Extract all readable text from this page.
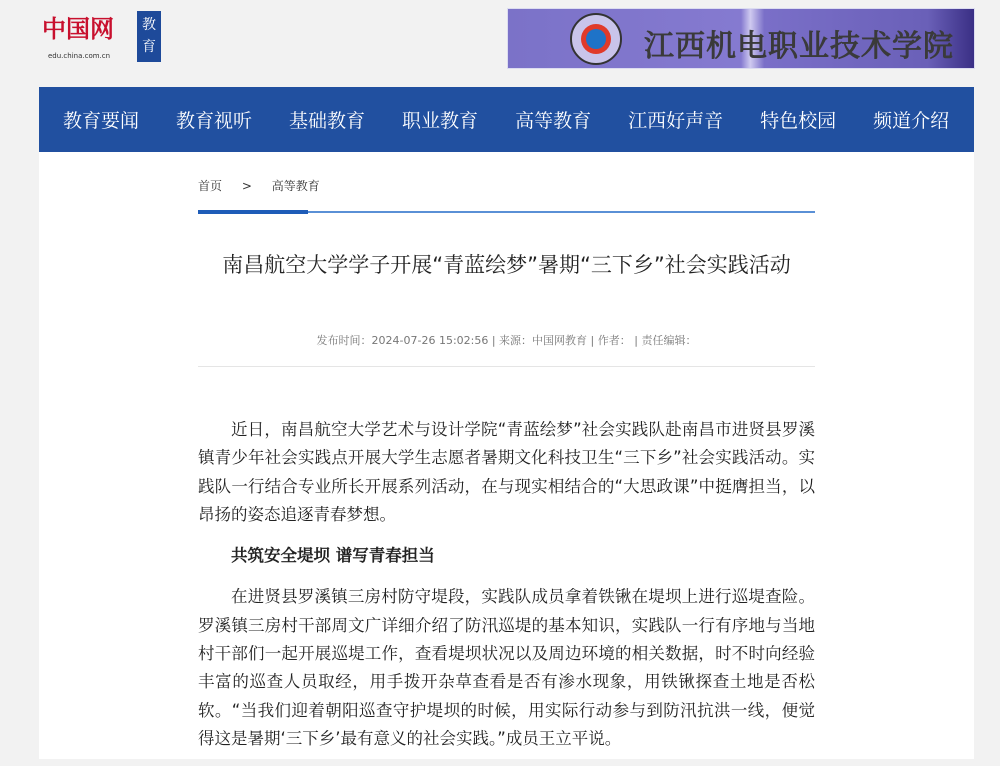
中国网
edu.china.com.cn
教育	江西机电职业技术学院
教育要闻 教育视听 基础教育 职业教育 高等教育 江西好声音 特色校园 频道介绍
首页 > 高等教育
南昌航空大学学子开展“青蓝绘梦”暑期“三下乡”社会实践活动
发布时间：2024-07-26 15:02:56 | 来源：中国网教育 | 作者： | 责任编辑：

近日，南昌航空大学艺术与设计学院“青蓝绘梦”社会实践队赴南昌市进贤县罗溪镇青少年社会实践点开展大学生志愿者暑期文化科技卫生“三下乡”社会实践活动。实践队一行结合专业所长开展系列活动，在与现实相结合的“大思政课”中挺膺担当，以昂扬的姿态追逐青春梦想。

共筑安全堤坝 谱写青春担当

在进贤县罗溪镇三房村防守堤段，实践队成员拿着铁锹在堤坝上进行巡堤查险。罗溪镇三房村干部周文广详细介绍了防汛巡堤的基本知识，实践队一行有序地与当地村干部们一起开展巡堤工作，查看堤坝状况以及周边环境的相关数据，时不时向经验丰富的巡查人员取经，用手拨开杂草查看是否有渗水现象，用铁锹探查土地是否松软。“当我们迎着朝阳巡查守护堤坝的时候，用实际行动参与到防汛抗洪一线，便觉得这是暑期‘三下乡’最有意义的社会实践。”成员王立平说。
